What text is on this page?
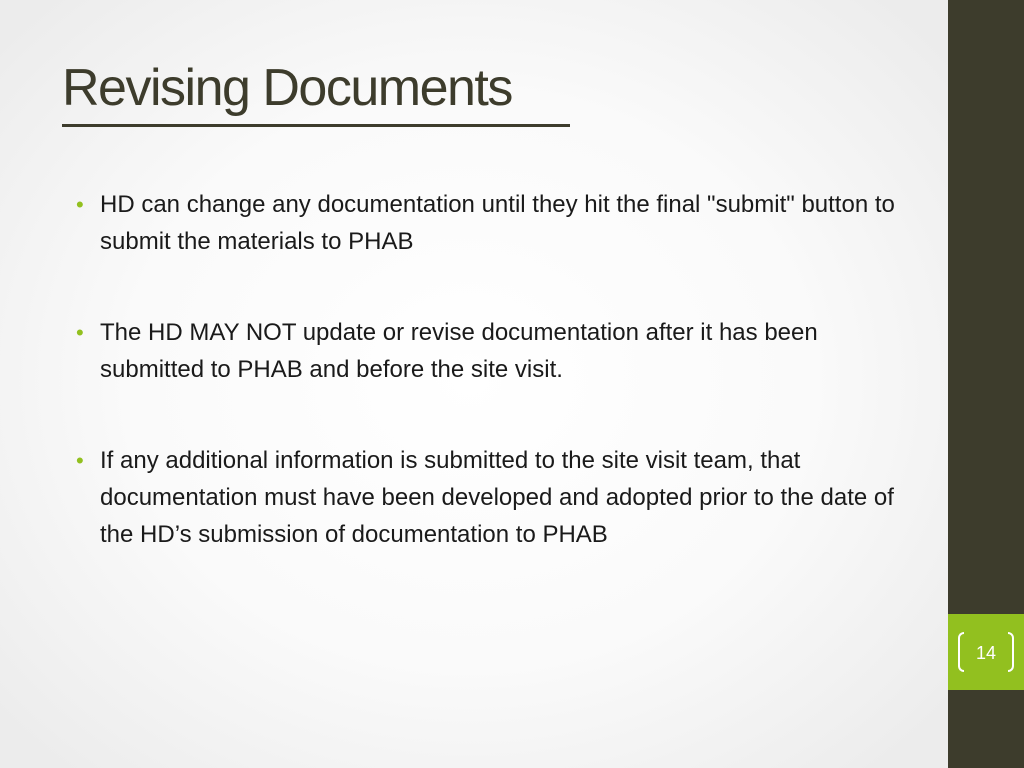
14
Revising Documents
• HD can change any documentation until they hit the final "submit" button to submit the materials to PHAB
• The HD MAY NOT update or revise documentation after it has been submitted to PHAB and before the site visit.
• If any additional information is submitted to the site visit team, that documentation must have been developed and adopted prior to the date of the HD’s submission of documentation to PHAB
